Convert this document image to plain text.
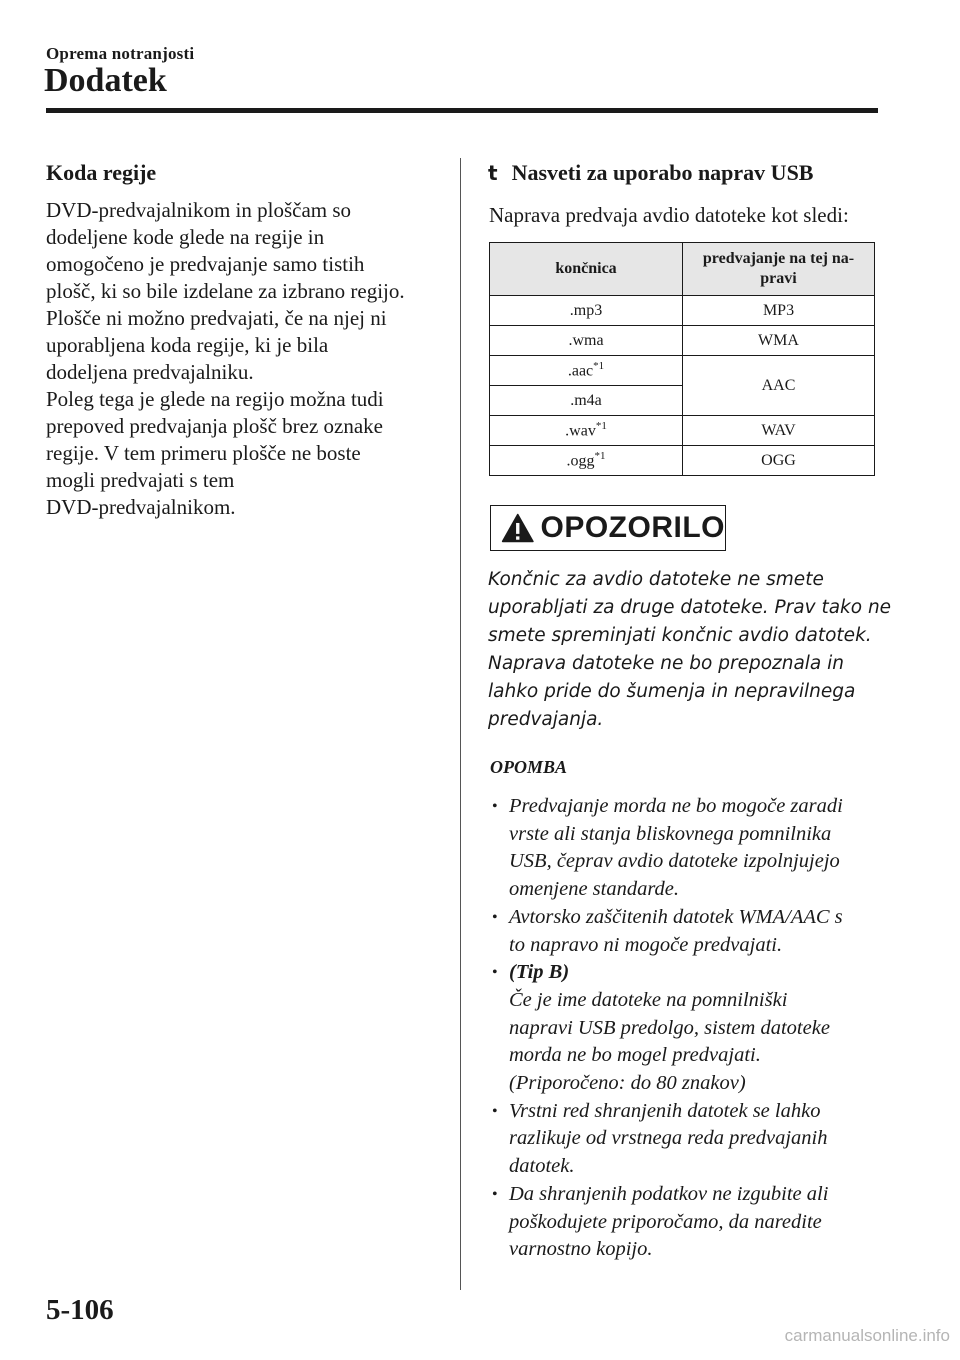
Oprema notranjosti
Dodatek
Koda regije

DVD-predvajalnikom in ploščam so
dodeljene kode glede na regije in
omogočeno je predvajanje samo tistih
plošč, ki so bile izdelane za izbrano regijo.
Plošče ni možno predvajati, če na njej ni
uporabljena koda regije, ki je bila
dodeljena predvajalniku.
Poleg tega je glede na regijo možna tudi
prepoved predvajanja plošč brez oznake
regije. V tem primeru plošče ne boste
mogli predvajati s tem
DVD-predvajalnikom.

t Nasveti za uporabo naprav USB
Naprava predvaja avdio datoteke kot sledi:
končnica	predvajanje na tej na-
pravi
.mp3	MP3
.wma	WMA
.aac$^{*1}$	AAC
.m4a	
.wav$^{*1}$	WAV
.ogg$^{*1}$	OGG
OPOZORILO

Končnic za avdio datoteke ne smete
uporabljati za druge datoteke. Prav tako ne
smete spreminjati končnic avdio datotek.
Naprava datoteke ne bo prepoznala in
lahko pride do šumenja in nepravilnega
predvajanja.

OPOMBA
• Predvajanje morda ne bo mogoče zaradi
vrste ali stanja bliskovnega pomnilnika
USB, čeprav avdio datoteke izpolnjujejo
omenjene standarde.
• Avtorsko zaščitenih datotek WMA/AAC s
to napravo ni mogoče predvajati.
• (Tip B)
Če je ime datoteke na pomnilniški
napravi USB predolgo, sistem datoteke
morda ne bo mogel predvajati.
(Priporočeno: do 80 znakov)
• Vrstni red shranjenih datotek se lahko
razlikuje od vrstnega reda predvajanih
datotek.
• Da shranjenih podatkov ne izgubite ali
poškodujete priporočamo, da naredite
varnostno kopijo.
5-106
carmanualsonline.info
